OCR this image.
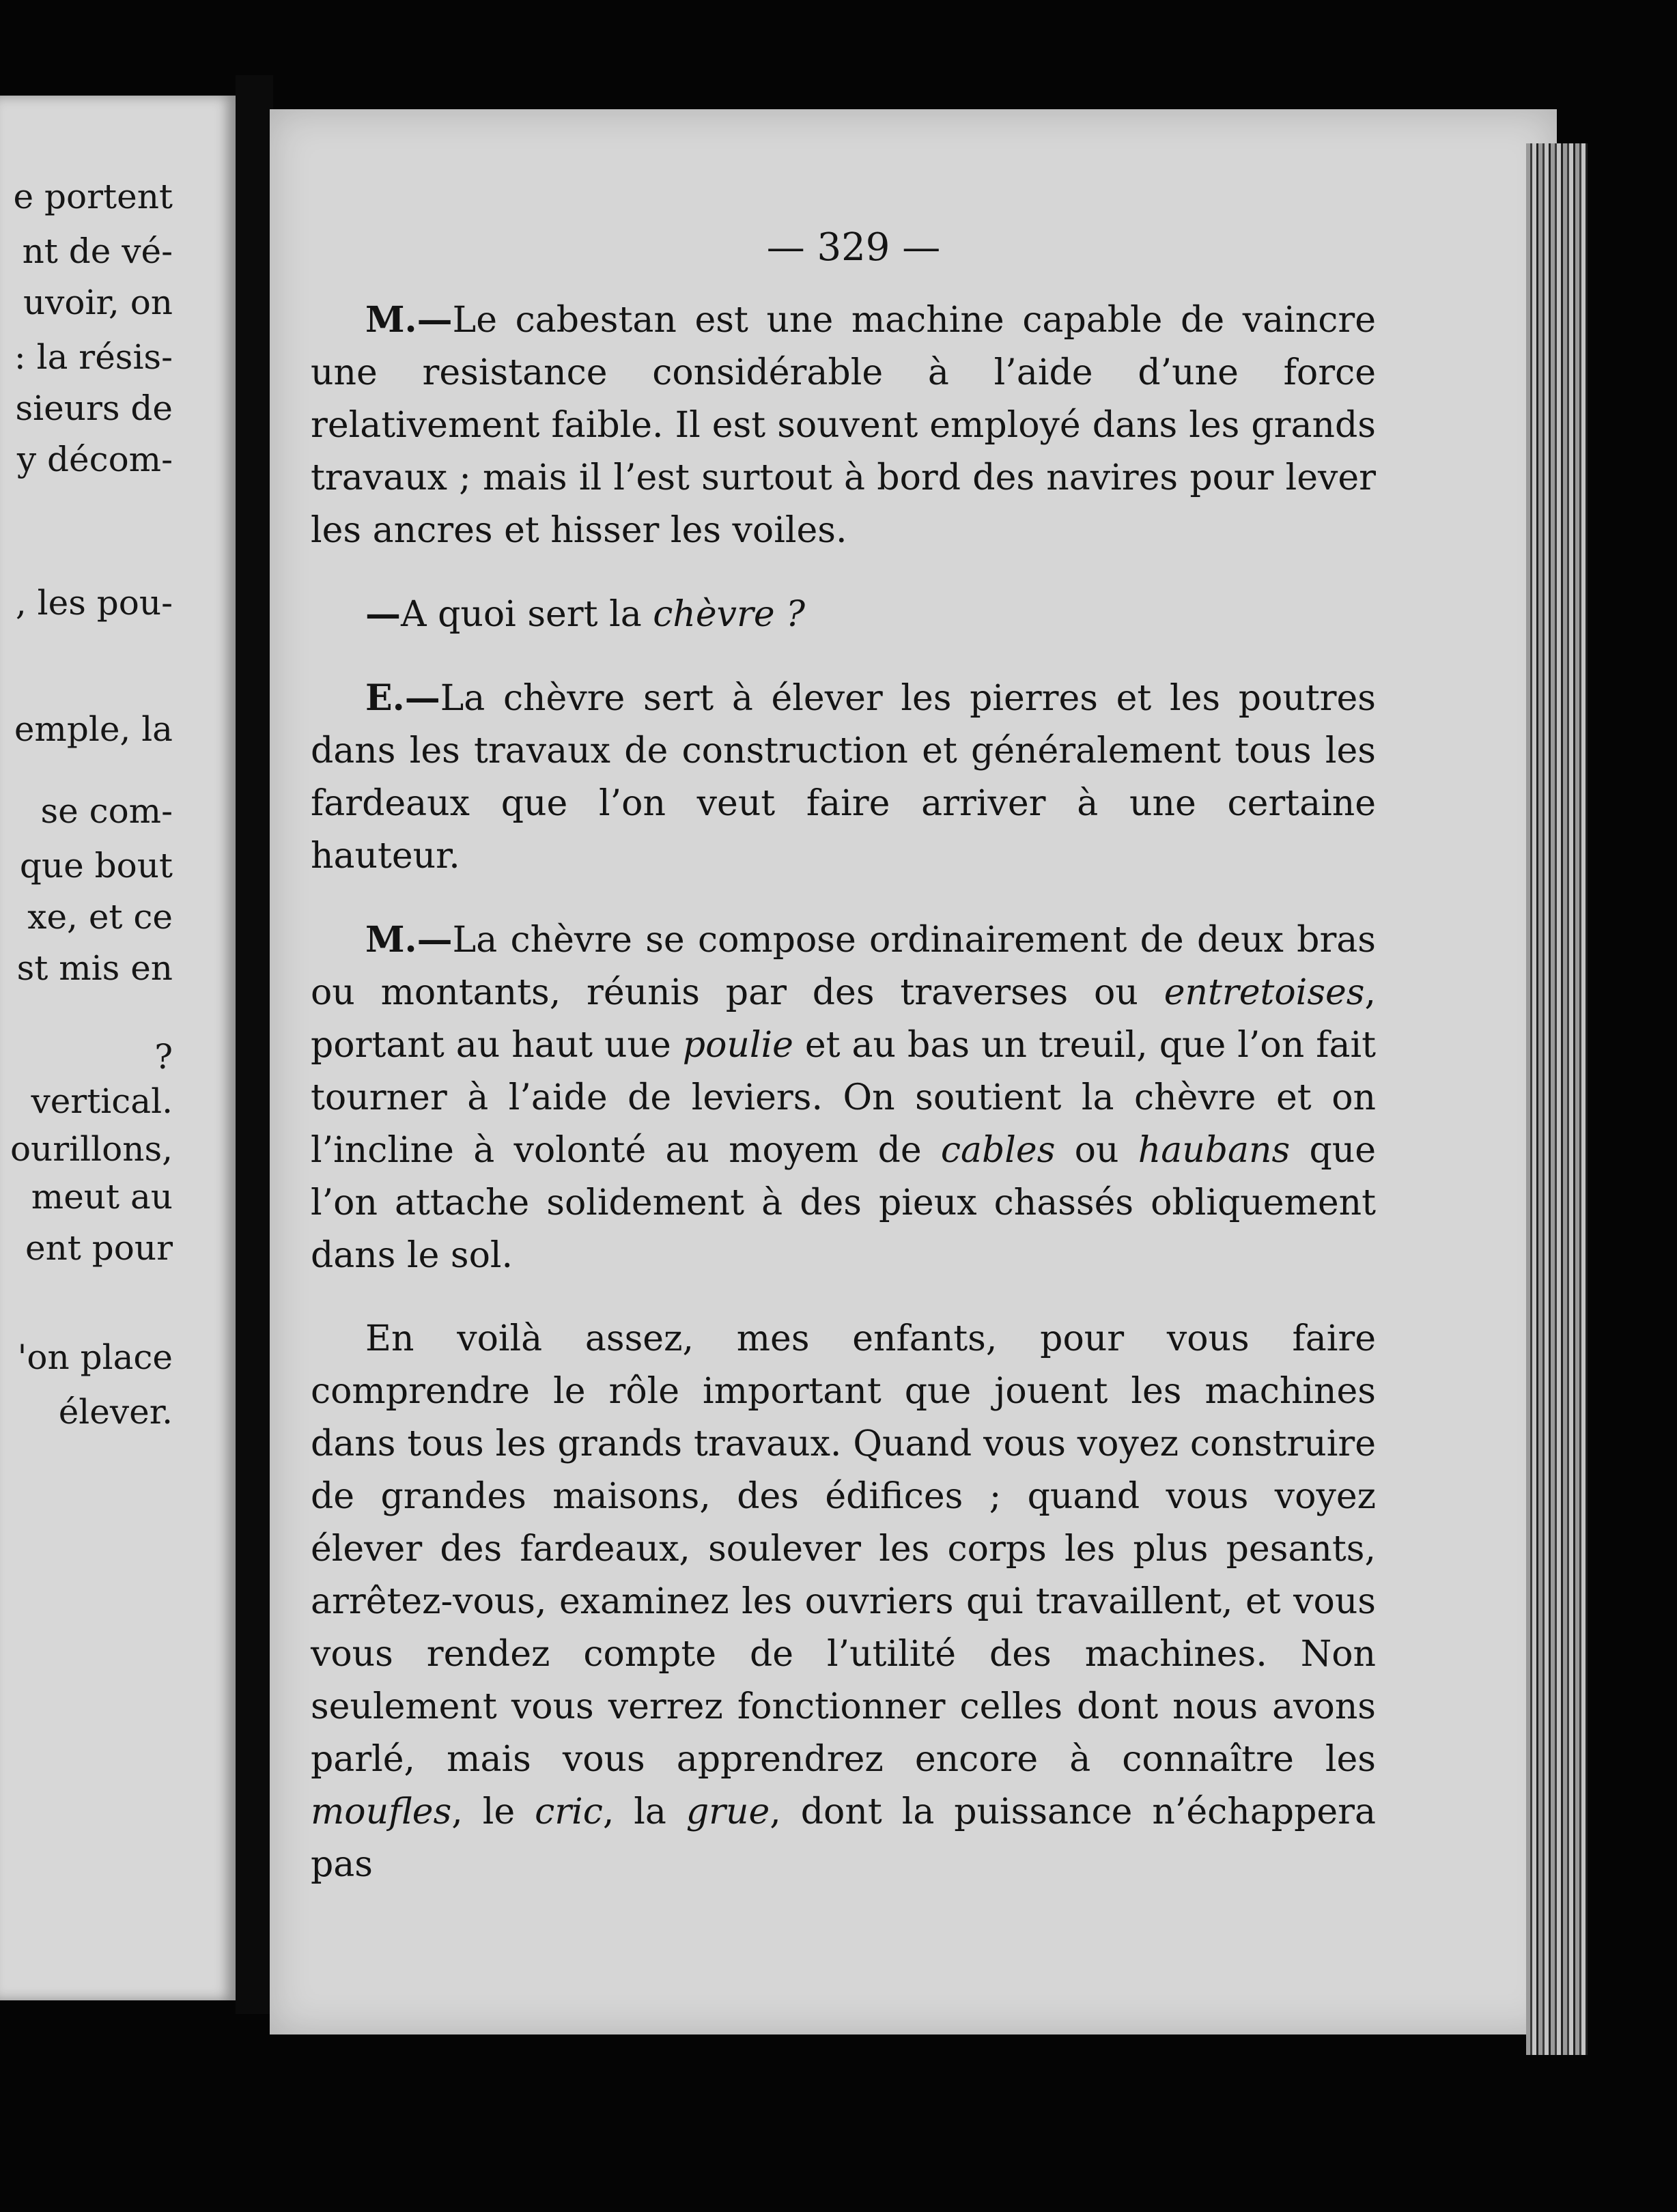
e portent
nt de vé-
uvoir, on
: la résis-
sieurs de
y décom-
, les pou-
emple, la
se com-
que bout
xe, et ce
st mis en
?
vertical.
ourillons,
meut au
ent pour
'on place
élever.
— 329 —

M.—Le cabestan est une machine capable de vaincre une resistance considérable à l’aide d’une force relativement faible. Il est souvent employé dans les grands travaux ; mais il l’est surtout à bord des navires pour lever les ancres et hisser les voiles.

—A quoi sert la chèvre ?

E.—La chèvre sert à élever les pierres et les poutres dans les travaux de construction et généralement tous les fardeaux que l’on veut faire arriver à une certaine hauteur.

M.—La chèvre se compose ordinairement de deux bras ou montants, réunis par des traverses ou entretoises, portant au haut uue poulie et au bas un treuil, que l’on fait tourner à l’aide de leviers. On soutient la chèvre et on l’incline à volonté au moyem de cables ou haubans que l’on attache solidement à des pieux chassés obliquement dans le sol.

En voilà assez, mes enfants, pour vous faire comprendre le rôle important que jouent les machines dans tous les grands travaux. Quand vous voyez construire de grandes maisons, des édifices ; quand vous voyez élever des fardeaux, soulever les corps les plus pesants, arrêtez-vous, examinez les ouvriers qui travaillent, et vous vous rendez compte de l’utilité des machines. Non seulement vous verrez fonctionner celles dont nous avons parlé, mais vous apprendrez encore à connaître les moufles, le cric, la grue, dont la puissance n’échappera pas
